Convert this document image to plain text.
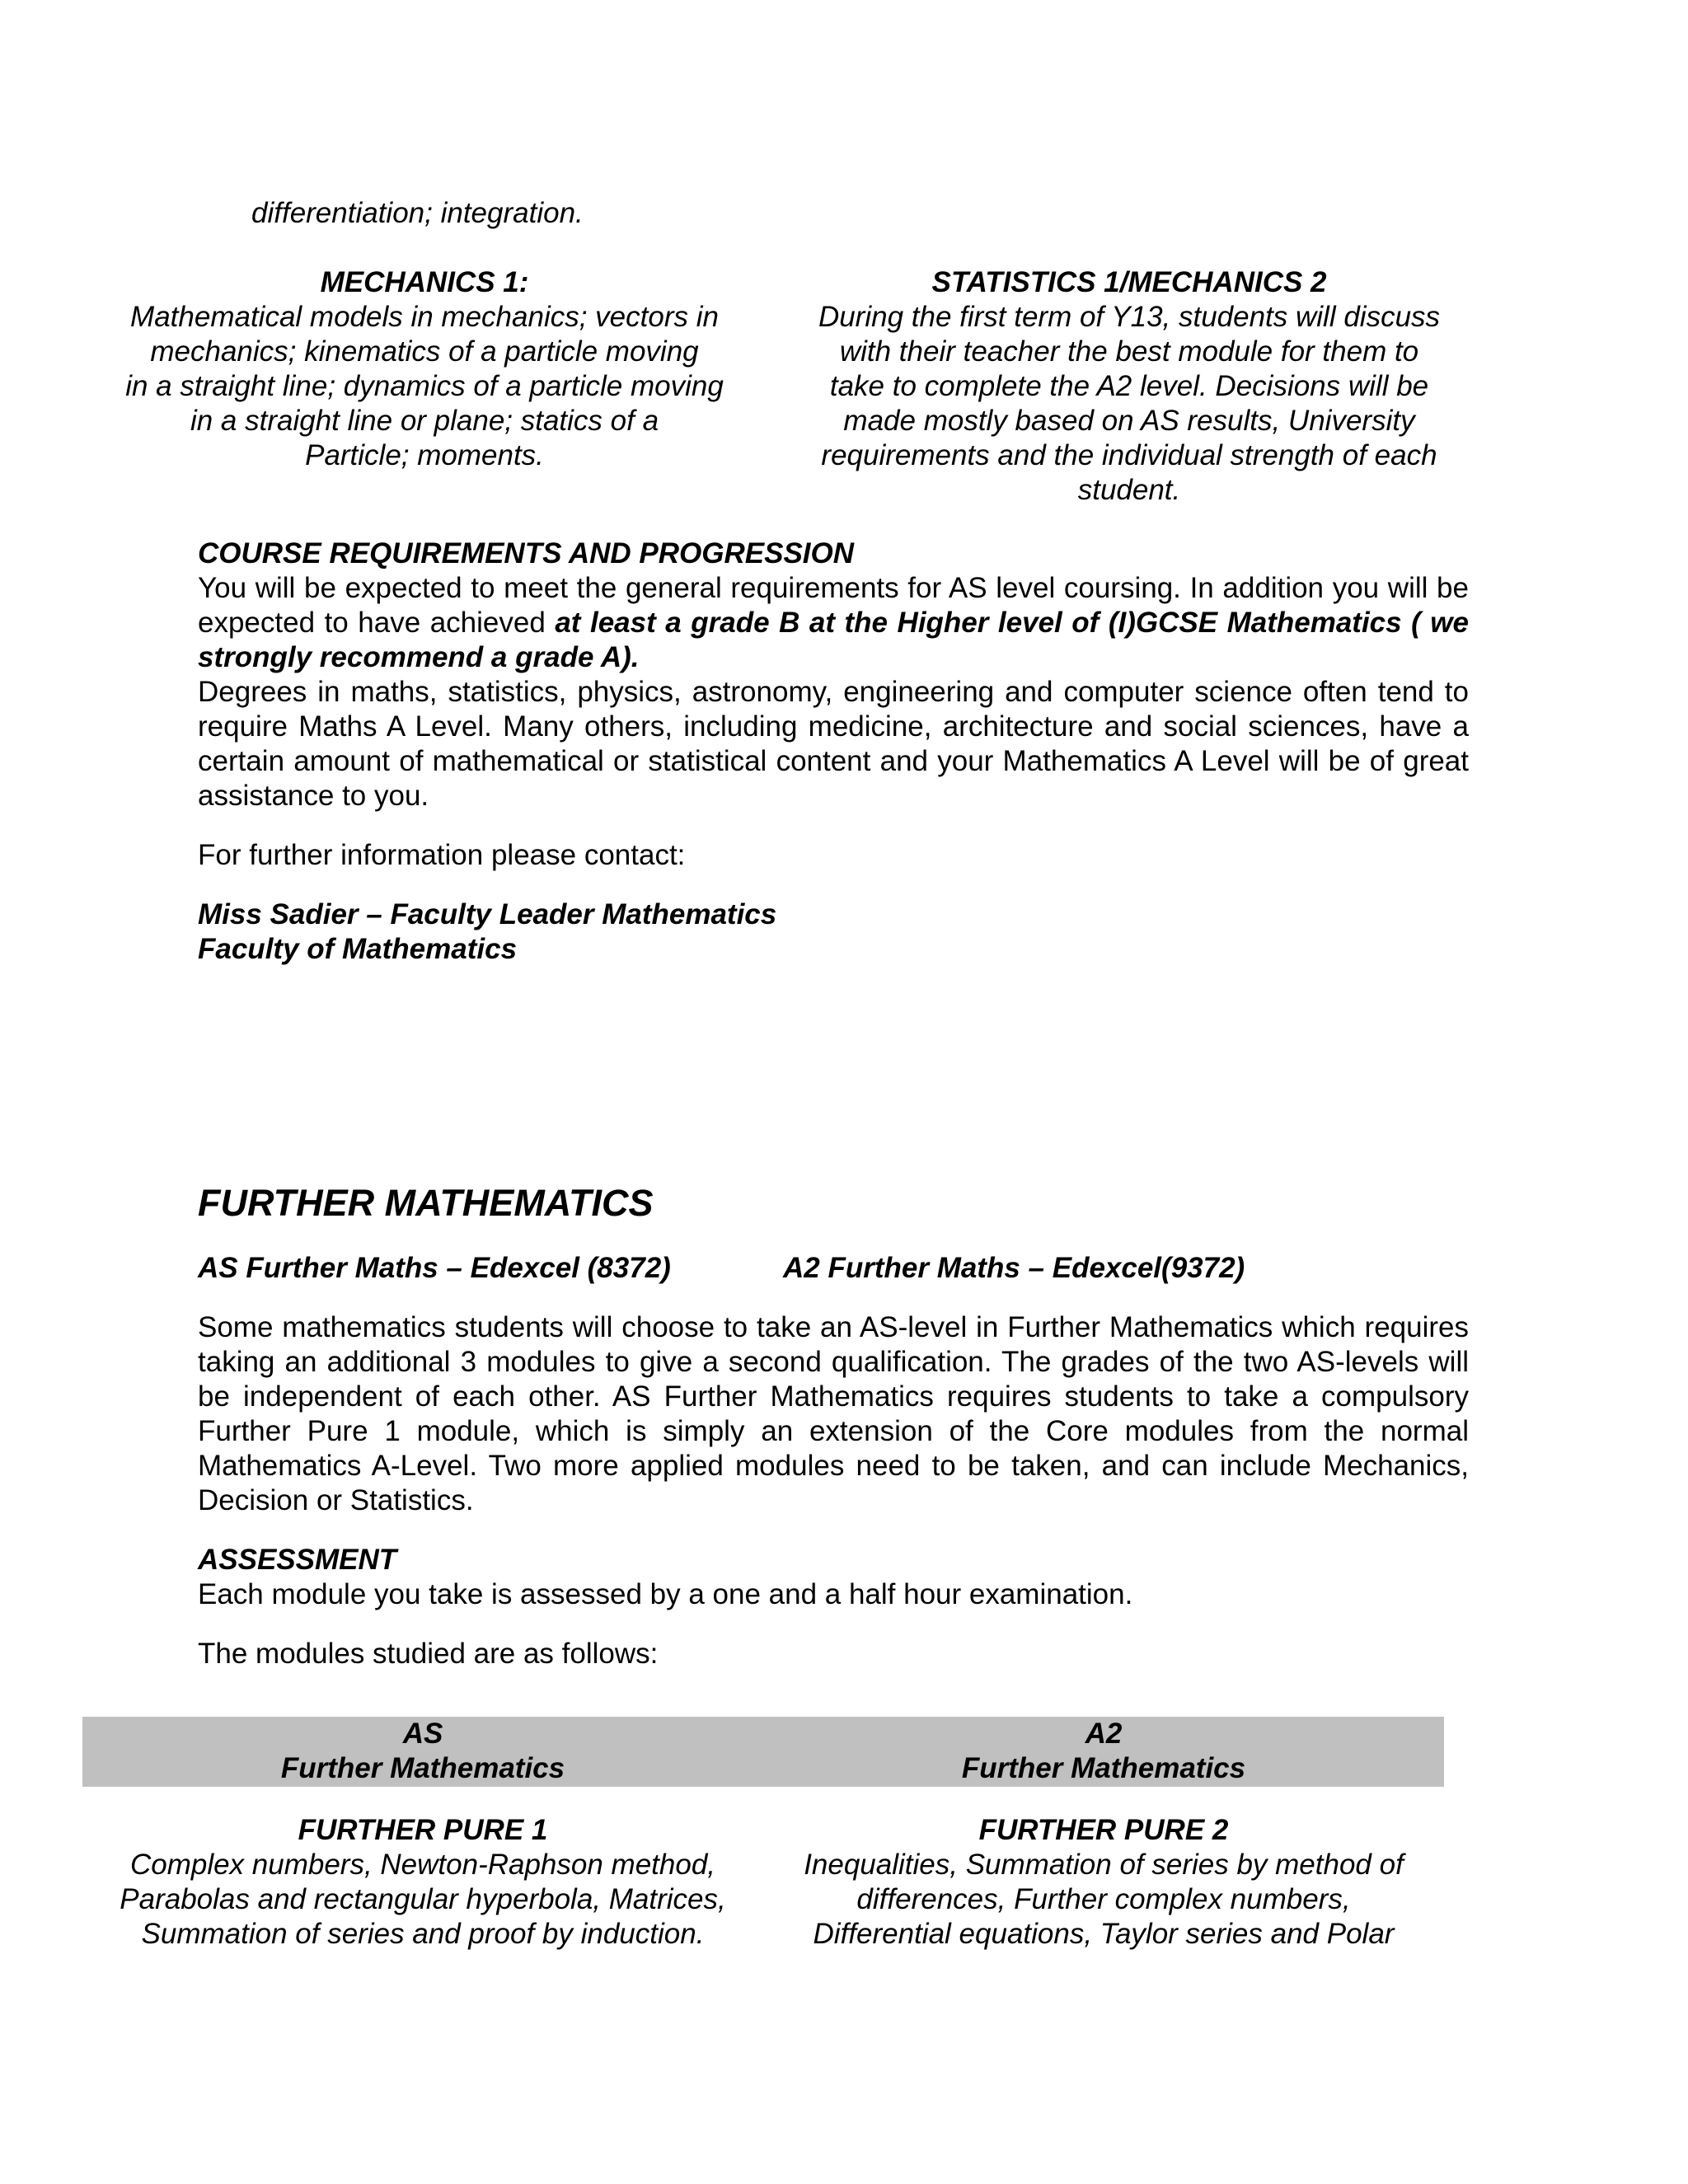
differentiation; integration.
MECHANICS 1:
Mathematical models in mechanics; vectors in
mechanics; kinematics of a particle moving
in a straight line; dynamics of a particle moving
in a straight line or plane; statics of a
Particle; moments.
STATISTICS 1/MECHANICS 2
During the first term of Y13, students will discuss
with their teacher the best module for them to
take to complete the A2 level. Decisions will be
made mostly based on AS results, University
requirements and the individual strength of each
student.

COURSE REQUIREMENTS AND PROGRESSION

You will be expected to meet the general requirements for AS level coursing. In addition you will be expected to have achieved at least a grade B at the Higher level of (I)GCSE Mathematics ( we strongly recommend a grade A).

Degrees in maths, statistics, physics, astronomy, engineering and computer science often tend to require Maths A Level. Many others, including medicine, architecture and social sciences, have a certain amount of mathematical or statistical content and your Mathematics A Level will be of great assistance to you.

For further information please contact:

Miss Sadier – Faculty Leader Mathematics

Faculty of Mathematics

FURTHER MATHEMATICS
AS Further Maths – Edexcel (8372)	A2 Further Maths – Edexcel(9372)

Some mathematics students will choose to take an AS-level in Further Mathematics which requires taking an additional 3 modules to give a second qualification. The grades of the two AS-levels will be independent of each other. AS Further Mathematics requires students to take a compulsory Further Pure 1 module, which is simply an extension of the Core modules from the normal Mathematics A-Level. Two more applied modules need to be taken, and can include Mechanics, Decision or Statistics.

ASSESSMENT

Each module you take is assessed by a one and a half hour examination.

The modules studied are as follows:

AS
Further Mathematics
A2
Further Mathematics
FURTHER PURE 1
Complex numbers, Newton-Raphson method,
Parabolas and rectangular hyperbola, Matrices,
Summation of series and proof by induction.
FURTHER PURE 2
Inequalities, Summation of series by method of
differences, Further complex numbers,
Differential equations, Taylor series and Polar
